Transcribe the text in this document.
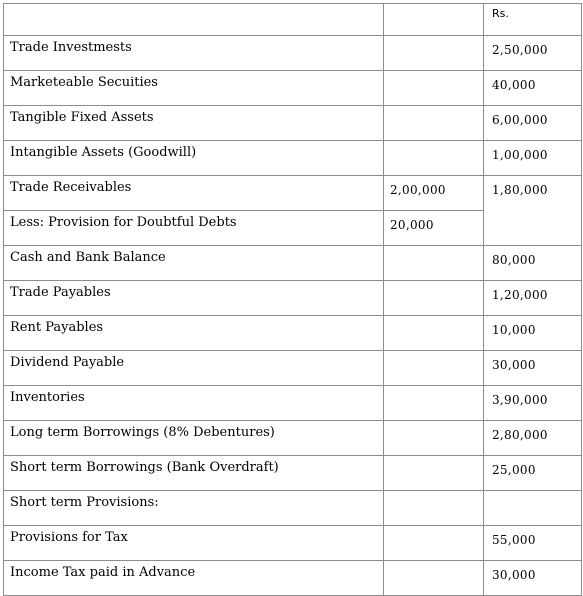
		Rs.
Trade Investmests		2,50,000
Marketeable Secuities		40,000
Tangible Fixed Assets		6,00,000
Intangible Assets (Goodwill)		1,00,000
Trade Receivables	2,00,000	1,80,000
Less: Provision for Doubtful Debts	20,000	
Cash and Bank Balance		80,000
Trade Payables		1,20,000
Rent Payables		10,000
Dividend Payable		30,000
Inventories		3,90,000
Long term Borrowings (8% Debentures)		2,80,000
Short term Borrowings (Bank Overdraft)		25,000
Short term Provisions:		
Provisions for Tax		55,000
Income Tax paid in Advance		30,000
